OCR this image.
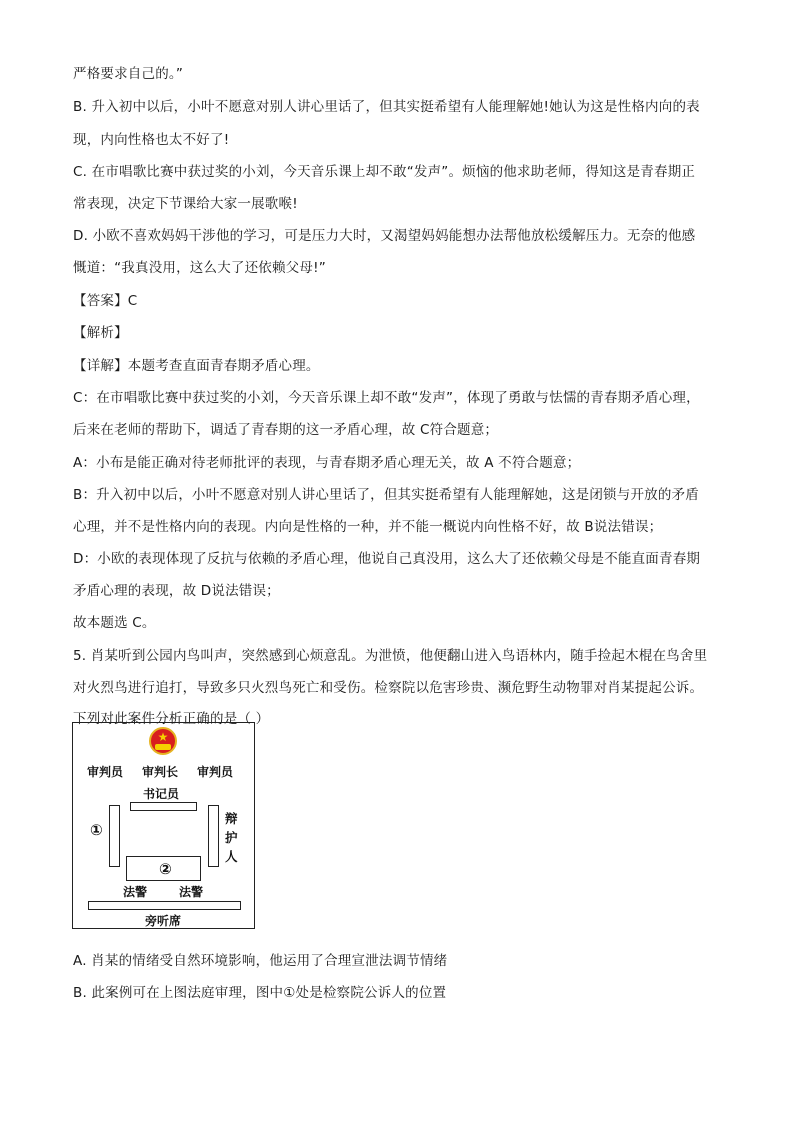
严格要求自己的。”
B. 升入初中以后，小叶不愿意对别人讲心里话了，但其实挺希望有人能理解她!她认为这是性格内向的表
现，内向性格也太不好了!
C. 在市唱歌比赛中获过奖的小刘，今天音乐课上却不敢“发声”。烦恼的他求助老师，得知这是青春期正
常表现，决定下节课给大家一展歌喉!
D. 小欧不喜欢妈妈干涉他的学习，可是压力大时，又渴望妈妈能想办法帮他放松缓解压力。无奈的他感
慨道：“我真没用，这么大了还依赖父母!”
【答案】C
【解析】
【详解】本题考查直面青春期矛盾心理。
C：在市唱歌比赛中获过奖的小刘，今天音乐课上却不敢“发声”，体现了勇敢与怯懦的青春期矛盾心理，
后来在老师的帮助下，调适了青春期的这一矛盾心理，故 C符合题意；
A：小布是能正确对待老师批评的表现，与青春期矛盾心理无关，故 A 不符合题意；
B：升入初中以后，小叶不愿意对别人讲心里话了，但其实挺希望有人能理解她，这是闭锁与开放的矛盾
心理，并不是性格内向的表现。内向是性格的一种，并不能一概说内向性格不好，故 B说法错误；
D：小欧的表现体现了反抗与依赖的矛盾心理，他说自己真没用，这么大了还依赖父母是不能直面青春期
矛盾心理的表现，故 D说法错误；
故本题选 C。
5. 肖某听到公园内鸟叫声，突然感到心烦意乱。为泄愤，他便翻山进入鸟语林内，随手捡起木棍在鸟舍里
对火烈鸟进行追打，导致多只火烈鸟死亡和受伤。检察院以危害珍贵、濒危野生动物罪对肖某提起公诉。
下列对此案件分析正确的是（ ）
★
审判员 审判长 审判员
书记员
①
辩护人
②
法警	法警
旁听席
A. 肖某的情绪受自然环境影响，他运用了合理宣泄法调节情绪
B. 此案例可在上图法庭审理，图中①处是检察院公诉人的位置
